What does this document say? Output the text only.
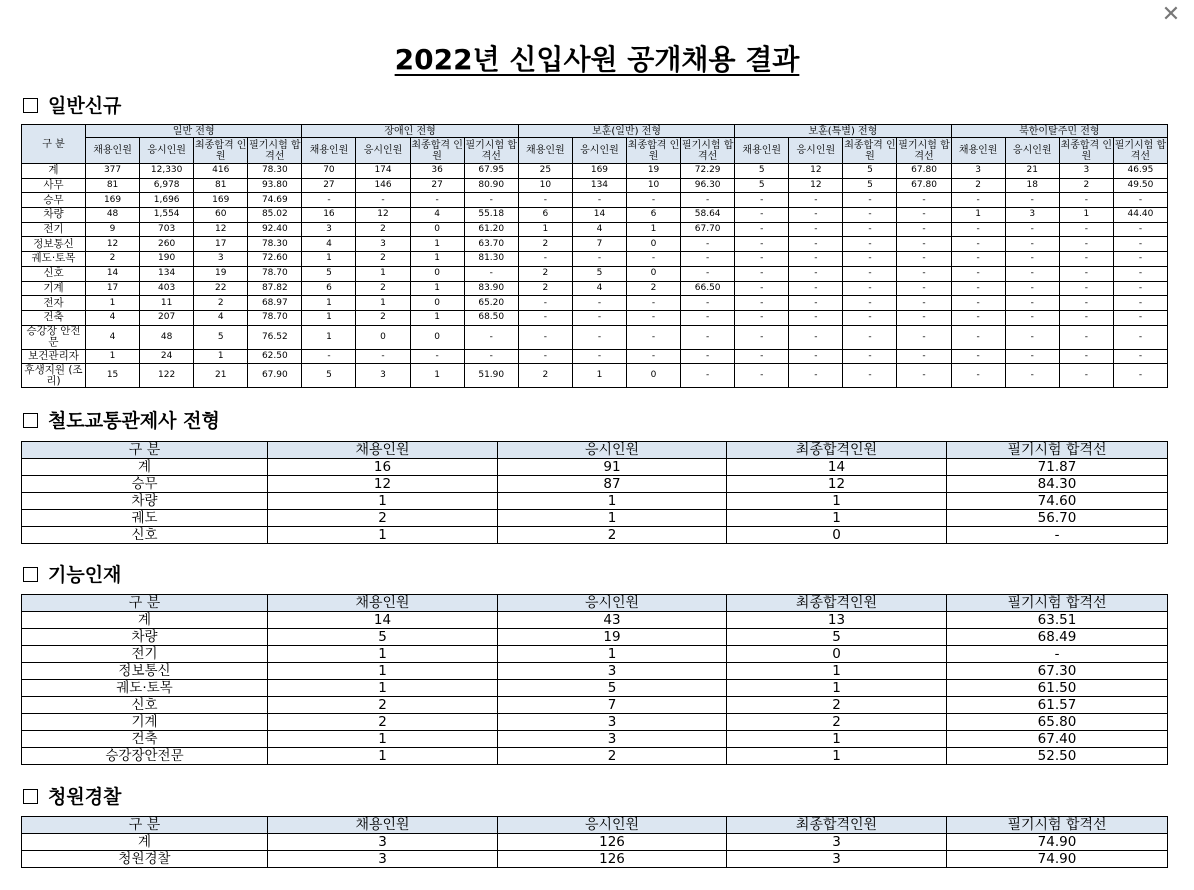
✕
2022년 신입사원 공개채용 결과
일반신규
구 분	일반 전형				장애인 전형				보훈(일반) 전형				보훈(특별) 전형				북한이탈주민 전형			
	채용인원	응시인원	최종합격 인원	필기시험 합격선	채용인원	응시인원	최종합격 인원	필기시험 합격선	채용인원	응시인원	최종합격 인원	필기시험 합격선	채용인원	응시인원	최종합격 인원	필기시험 합격선	채용인원	응시인원	최종합격 인원	필기시험 합격선
계	377	12,330	416	78.30	70	174	36	67.95	25	169	19	72.29	5	12	5	67.80	3	21	3	46.95
사무	81	6,978	81	93.80	27	146	27	80.90	10	134	10	96.30	5	12	5	67.80	2	18	2	49.50
승무	169	1,696	169	74.69	-	-	-	-	-	-	-	-	-	-	-	-	-	-	-	-
차량	48	1,554	60	85.02	16	12	4	55.18	6	14	6	58.64	-	-	-	-	1	3	1	44.40
전기	9	703	12	92.40	3	2	0	61.20	1	4	1	67.70	-	-	-	-	-	-	-	-
정보통신	12	260	17	78.30	4	3	1	63.70	2	7	0	-	-	-	-	-	-	-	-	-
궤도·토목	2	190	3	72.60	1	2	1	81.30	-	-	-	-	-	-	-	-	-	-	-	-
신호	14	134	19	78.70	5	1	0	-	2	5	0	-	-	-	-	-	-	-	-	-
기계	17	403	22	87.82	6	2	1	83.90	2	4	2	66.50	-	-	-	-	-	-	-	-
전자	1	11	2	68.97	1	1	0	65.20	-	-	-	-	-	-	-	-	-	-	-	-
건축	4	207	4	78.70	1	2	1	68.50	-	-	-	-	-	-	-	-	-	-	-	-
승강장 안전문	4	48	5	76.52	1	0	0	-	-	-	-	-	-	-	-	-	-	-	-	-
보건관리자	1	24	1	62.50	-	-	-	-	-	-	-	-	-	-	-	-	-	-	-	-
후생지원 (조리)	15	122	21	67.90	5	3	1	51.90	2	1	0	-	-	-	-	-	-	-	-	-
철도교통관제사 전형
구 분	채용인원	응시인원	최종합격인원	필기시험 합격선
계	16	91	14	71.87
승무	12	87	12	84.30
차량	1	1	1	74.60
궤도	2	1	1	56.70
신호	1	2	0	-
기능인재
구 분	채용인원	응시인원	최종합격인원	필기시험 합격선
계	14	43	13	63.51
차량	5	19	5	68.49
전기	1	1	0	-
정보통신	1	3	1	67.30
궤도·토목	1	5	1	61.50
신호	2	7	2	61.57
기계	2	3	2	65.80
건축	1	3	1	67.40
승강장안전문	1	2	1	52.50
청원경찰
구 분	채용인원	응시인원	최종합격인원	필기시험 합격선
계	3	126	3	74.90
청원경찰	3	126	3	74.90
